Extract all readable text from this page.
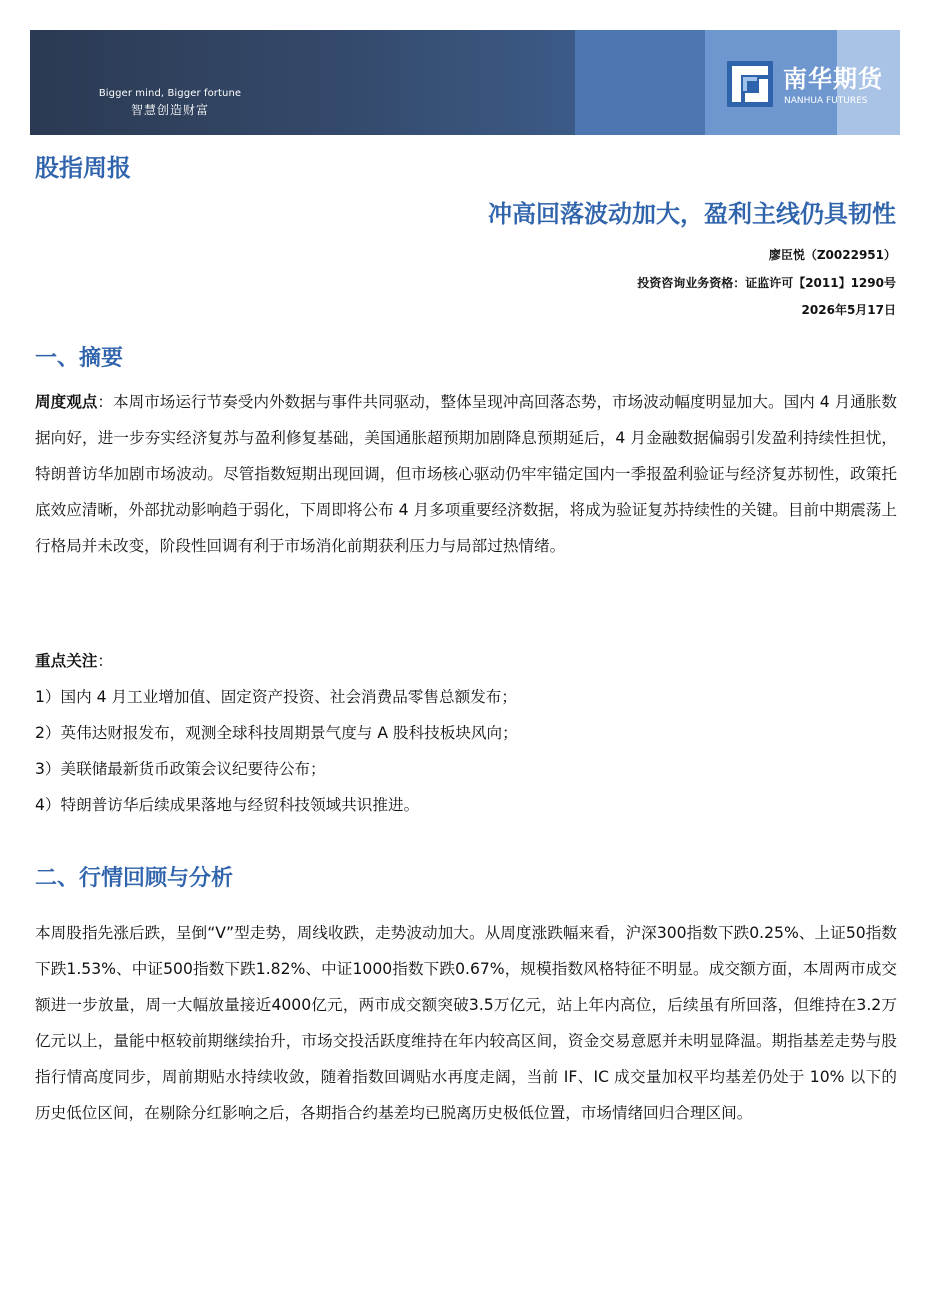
Bigger mind, Bigger fortune
智慧创造财富
南华期货
NANHUA FUTURES
股指周报
冲高回落波动加大，盈利主线仍具韧性
廖臣悦（Z0022951）
投资咨询业务资格：证监许可【2011】1290号
2026年5月17日
一、摘要
周度观点：本周市场运行节奏受内外数据与事件共同驱动，整体呈现冲高回落态势，市场波动幅度明显加大。国内 4 月通胀数据向好，进一步夯实经济复苏与盈利修复基础，美国通胀超预期加剧降息预期延后，4 月金融数据偏弱引发盈利持续性担忧，特朗普访华加剧市场波动。尽管指数短期出现回调，但市场核心驱动仍牢牢锚定国内一季报盈利验证与经济复苏韧性，政策托底效应清晰，外部扰动影响趋于弱化，下周即将公布 4 月多项重要经济数据，将成为验证复苏持续性的关键。目前中期震荡上行格局并未改变，阶段性回调有利于市场消化前期获利压力与局部过热情绪。
重点关注：
1）国内 4 月工业增加值、固定资产投资、社会消费品零售总额发布；
2）英伟达财报发布，观测全球科技周期景气度与 A 股科技板块风向；
3）美联储最新货币政策会议纪要待公布；
4）特朗普访华后续成果落地与经贸科技领域共识推进。
二、行情回顾与分析
本周股指先涨后跌，呈倒“V”型走势，周线收跌，走势波动加大。从周度涨跌幅来看，沪深300指数下跌0.25%、上证50指数下跌1.53%、中证500指数下跌1.82%、中证1000指数下跌0.67%，规模指数风格特征不明显。成交额方面，本周两市成交额进一步放量，周一大幅放量接近4000亿元，两市成交额突破3.5万亿元，站上年内高位，后续虽有所回落，但维持在3.2万亿元以上，量能中枢较前期继续抬升，市场交投活跃度维持在年内较高区间，资金交易意愿并未明显降温。期指基差走势与股指行情高度同步，周前期贴水持续收敛，随着指数回调贴水再度走阔，当前 IF、IC 成交量加权平均基差仍处于 10% 以下的历史低位区间，在剔除分红影响之后，各期指合约基差均已脱离历史极低位置，市场情绪回归合理区间。
